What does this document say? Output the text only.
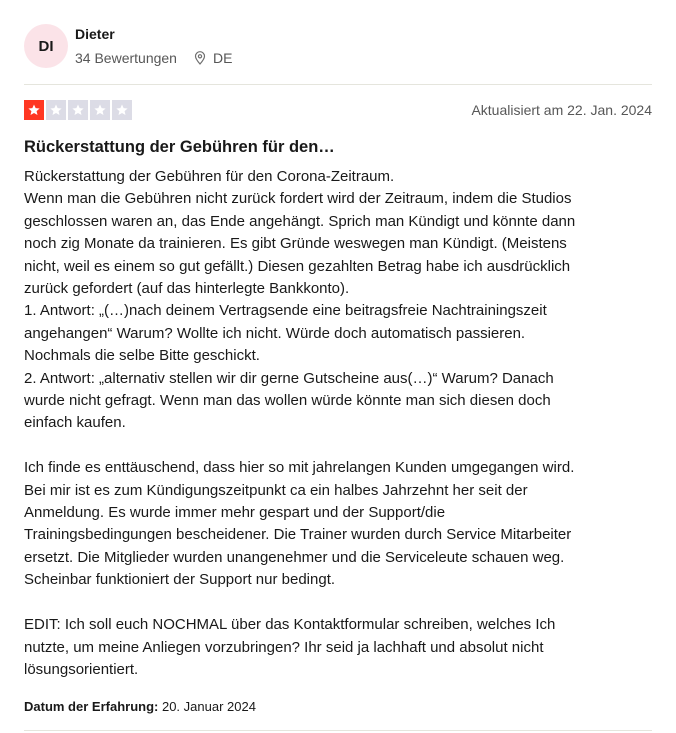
DI
Dieter
34 Bewertungen	DE
Aktualisiert am 22. Jan. 2024
Rückerstattung der Gebühren für den…

Rückerstattung der Gebühren für den Corona-Zeitraum.
Wenn man die Gebühren nicht zurück fordert wird der Zeitraum, indem die Studios
geschlossen waren an, das Ende angehängt. Sprich man Kündigt und könnte dann
noch zig Monate da trainieren. Es gibt Gründe weswegen man Kündigt. (Meistens
nicht, weil es einem so gut gefällt.) Diesen gezahlten Betrag habe ich ausdrücklich
zurück gefordert (auf das hinterlegte Bankkonto).
1. Antwort: „(…)nach deinem Vertragsende eine beitragsfreie Nachtrainingszeit
angehangen“ Warum? Wollte ich nicht. Würde doch automatisch passieren.
Nochmals die selbe Bitte geschickt.
2. Antwort: „alternativ stellen wir dir gerne Gutscheine aus(…)“ Warum? Danach
wurde nicht gefragt. Wenn man das wollen würde könnte man sich diesen doch
einfach kaufen.

Ich finde es enttäuschend, dass hier so mit jahrelangen Kunden umgegangen wird.
Bei mir ist es zum Kündigungszeitpunkt ca ein halbes Jahrzehnt her seit der
Anmeldung. Es wurde immer mehr gespart und der Support/die
Trainingsbedingungen bescheidener. Die Trainer wurden durch Service Mitarbeiter
ersetzt. Die Mitglieder wurden unangenehmer und die Serviceleute schauen weg.
Scheinbar funktioniert der Support nur bedingt.

EDIT: Ich soll euch NOCHMAL über das Kontaktformular schreiben, welches Ich
nutzte, um meine Anliegen vorzubringen? Ihr seid ja lachhaft und absolut nicht
lösungsorientiert.

Datum der Erfahrung: 20. Januar 2024
